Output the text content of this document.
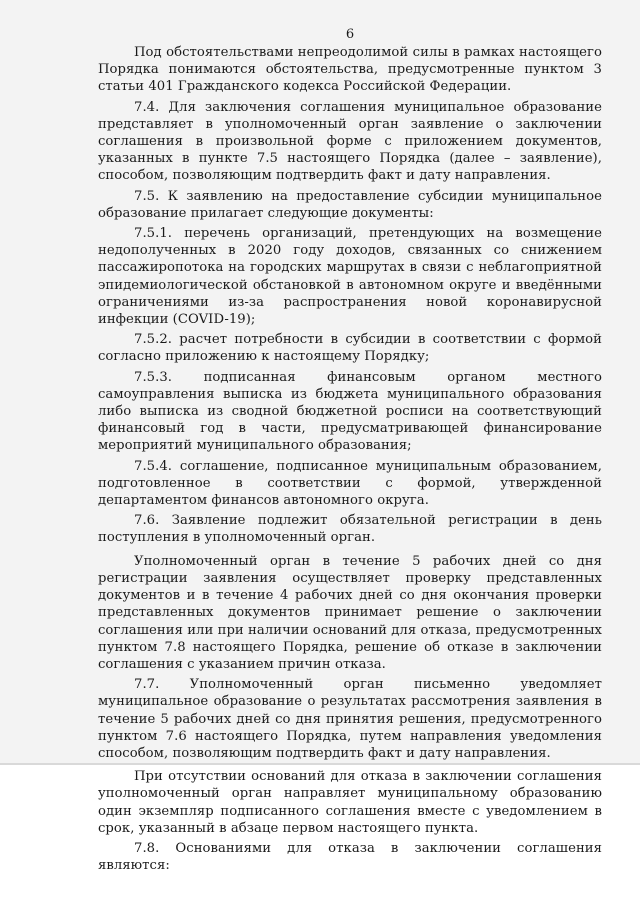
6

Под обстоятельствами непреодолимой силы в рамках настоящего Порядка понимаются обстоятельства, предусмотренные пунктом 3 статьи 401 Гражданского кодекса Российской Федерации.

7.4. Для заключения соглашения муниципальное образование представляет в уполномоченный орган заявление о заключении соглашения в произвольной форме с приложением документов, указанных в пункте 7.5 настоящего Порядка (далее – заявление), способом, позволяющим подтвердить факт и дату направления.

7.5. К заявлению на предоставление субсидии муниципальное образование прилагает следующие документы:

7.5.1. перечень организаций, претендующих на возмещение недополученных в 2020 году доходов, связанных со снижением пассажиропотока на городских маршрутах в связи с неблагоприятной эпидемиологической обстановкой в автономном округе и введёнными ограничениями из-за распространения новой коронавирусной инфекции (COVID-19);

7.5.2. расчет потребности в субсидии в соответствии с формой согласно приложению к настоящему Порядку;

7.5.3. подписанная финансовым органом местного самоуправления выписка из бюджета муниципального образования либо выписка из сводной бюджетной росписи на соответствующий финансовый год в части, предусматривающей финансирование мероприятий муниципального образования;

7.5.4. соглашение, подписанное муниципальным образованием, подготовленное в соответствии с формой, утвержденной департаментом финансов автономного округа.

7.6. Заявление подлежит обязательной регистрации в день поступления в уполномоченный орган.

Уполномоченный орган в течение 5 рабочих дней со дня регистрации заявления осуществляет проверку представленных документов и в течение 4 рабочих дней со дня окончания проверки представленных документов принимает решение о заключении соглашения или при наличии оснований для отказа, предусмотренных пунктом 7.8 настоящего Порядка, решение об отказе в заключении соглашения с указанием причин отказа.

7.7. Уполномоченный орган письменно уведомляет муниципальное образование о результатах рассмотрения заявления в течение 5 рабочих дней со дня принятия решения, предусмотренного пунктом 7.6 настоящего Порядка, путем направления уведомления способом, позволяющим подтвердить факт и дату направления.

При отсутствии оснований для отказа в заключении соглашения уполномоченный орган направляет муниципальному образованию один экземпляр подписанного соглашения вместе с уведомлением в срок, указанный в абзаце первом настоящего пункта.

7.8. Основаниями для отказа в заключении соглашения являются:
